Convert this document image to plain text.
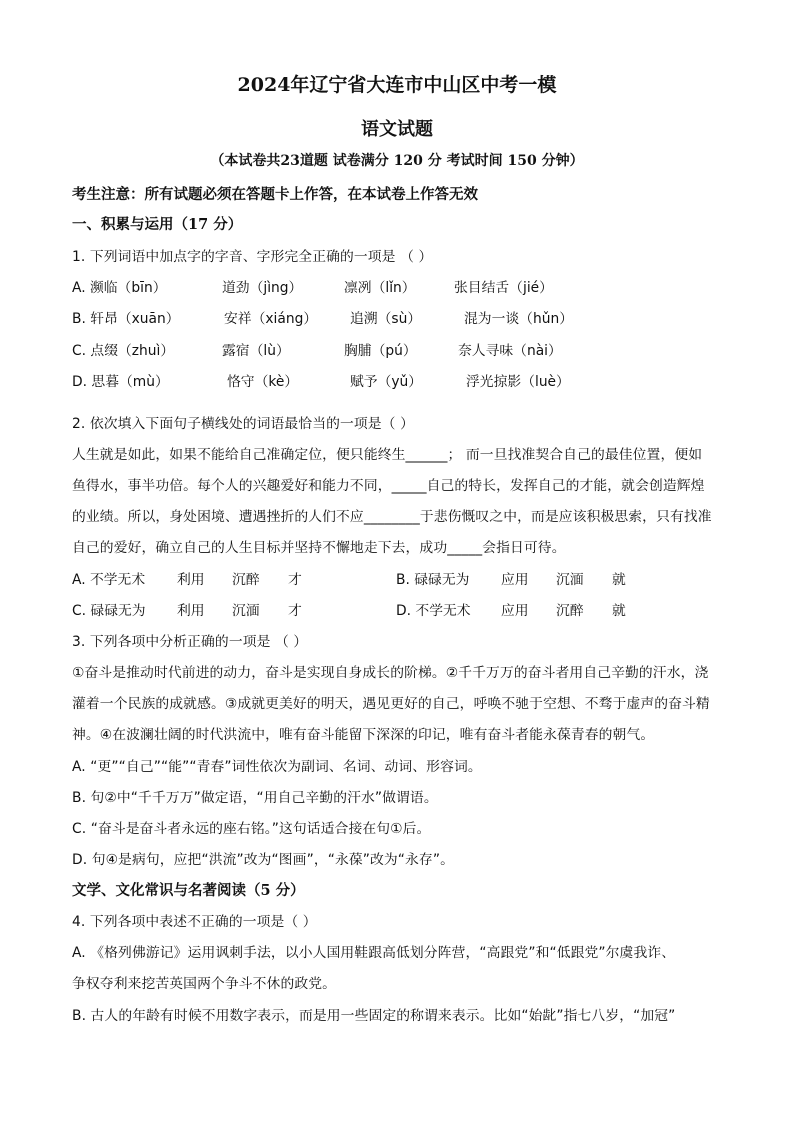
2024年辽宁省大连市中山区中考一模
语文试题
（本试卷共23道题 试卷满分 120 分 考试时间 150 分钟）
考生注意：所有试题必须在答题卡上作答，在本试卷上作答无效
一、积累与运用（17 分）
1. 下列词语中加点字的字音、字形完全正确的一项是 （ ）
A. 濒临（bīn）	道劲（jìng）	凛冽（lǐn）	张目结舌（jié）
B. 轩昂（xuān）	安祥（xiáng） 追溯（sù）	混为一谈（hǔn）
C. 点缀（zhuì）	露宿（lù）	胸脯（pú）	奈人寻味（nài）
D. 思暮（mù）	恪守（kè）	赋予（yǔ）	浮光掠影（luè）
2. 依次填入下面句子横线处的词语最恰当的一项是（ ）
人生就是如此，如果不能给自己准确定位，便只能终生______； 而一旦找准契合自己的最佳位置，便如
鱼得水，事半功倍。每个人的兴趣爱好和能力不同，_____自己的特长，发挥自己的才能，就会创造辉煌
的业绩。所以，身处困境、遭遇挫折的人们不应________于悲伤慨叹之中，而是应该积极思索，只有找准
自己的爱好，确立自己的人生目标并坚持不懈地走下去，成功_____会指日可待。
A. 不学无术 利用 沉醉 才	B. 碌碌无为 应用 沉湎 就
C. 碌碌无为 利用 沉湎 才	D. 不学无术 应用 沉醉 就
3. 下列各项中分析正确的一项是 （ ）
①奋斗是推动时代前进的动力，奋斗是实现自身成长的阶梯。②千千万万的奋斗者用自己辛勤的汗水，浇
灌着一个民族的成就感。③成就更美好的明天，遇见更好的自己，呼唤不驰于空想、不骛于虚声的奋斗精
神。④在波澜壮阔的时代洪流中，唯有奋斗能留下深深的印记，唯有奋斗者能永葆青春的朝气。
A. “更”“自己”“能”“青春”词性依次为副词、名词、动词、形容词。
B. 句②中“千千万万”做定语，“用自己辛勤的汗水”做谓语。
C. “奋斗是奋斗者永远的座右铭。”这句话适合接在句①后。
D. 句④是病句，应把“洪流”改为“图画”，“永葆”改为“永存”。
文学、文化常识与名著阅读（5 分）
4. 下列各项中表述不正确的一项是（ ）
A. 《格列佛游记》运用讽刺手法，以小人国用鞋跟高低划分阵营，“高跟党”和“低跟党”尔虞我诈、
争权夺利来挖苦英国两个争斗不休的政党。
B. 古人的年龄有时候不用数字表示，而是用一些固定的称谓来表示。比如“始龀”指七八岁，“加冠”
